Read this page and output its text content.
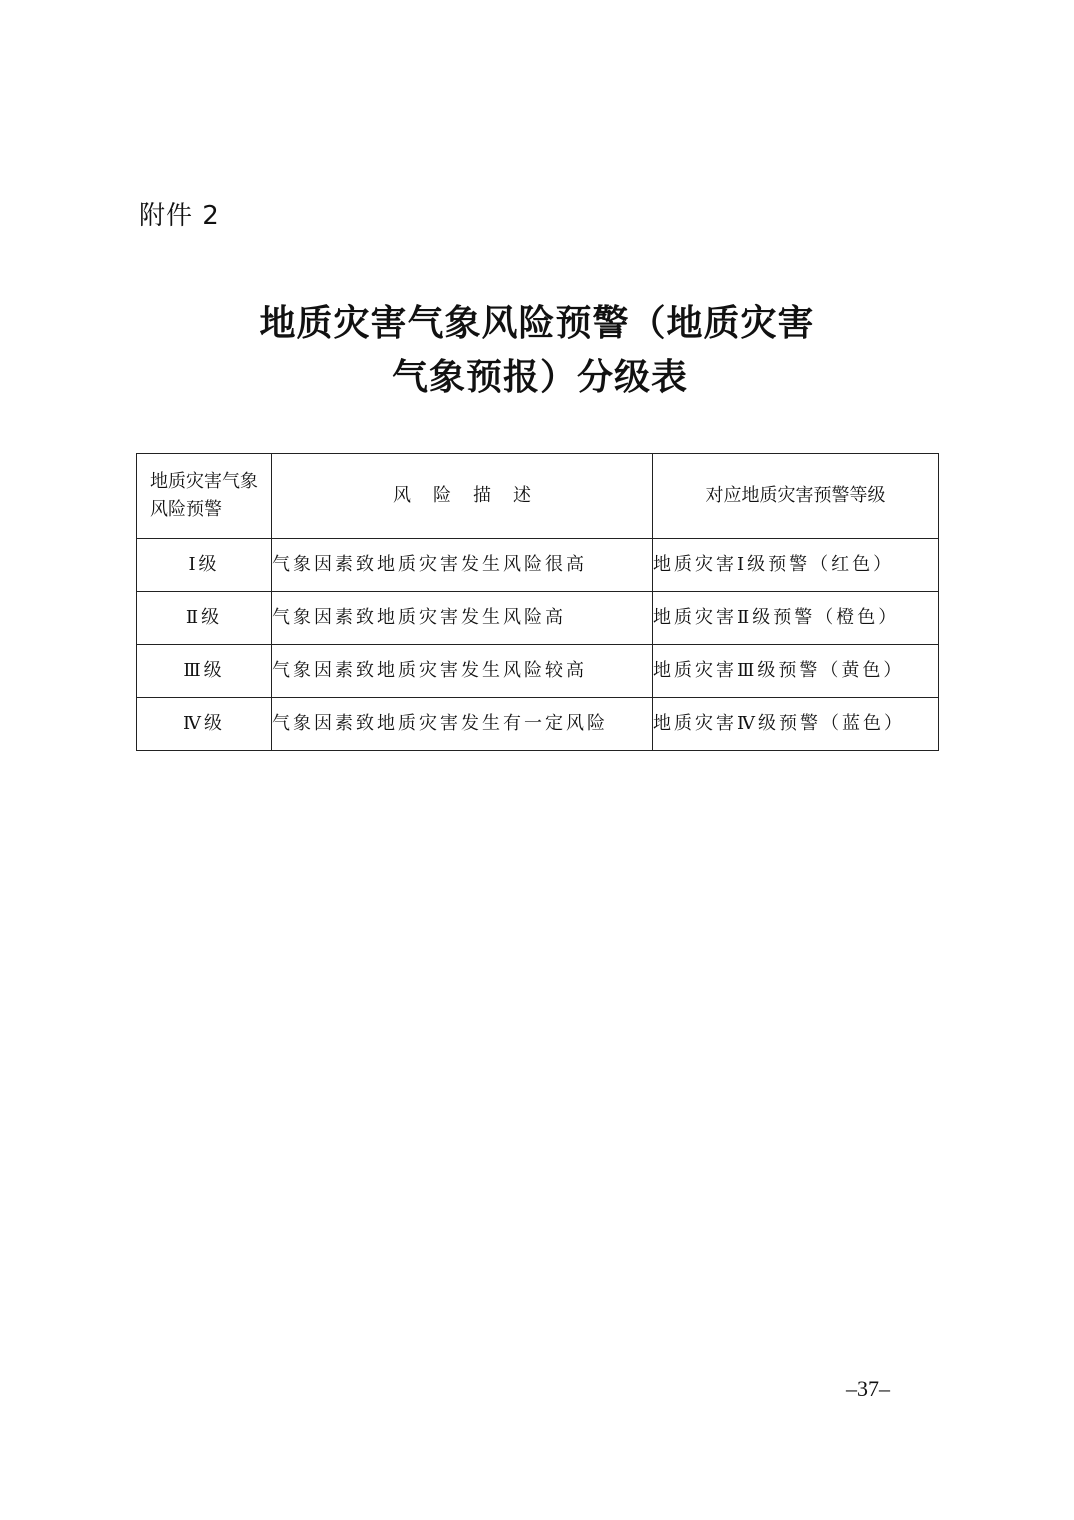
附件 2
地质灾害气象风险预警（地质灾害
气象预报）分级表
地质灾害气象风险预警	风险描述	对应地质灾害预警等级
Ⅰ级	气象因素致地质灾害发生风险很高	地质灾害Ⅰ级预警（红色）
Ⅱ级	气象因素致地质灾害发生风险高	地质灾害Ⅱ级预警（橙色）
Ⅲ级	气象因素致地质灾害发生风险较高	地质灾害Ⅲ级预警（黄色）
Ⅳ级	气象因素致地质灾害发生有一定风险	地质灾害Ⅳ级预警（蓝色）
–37–
